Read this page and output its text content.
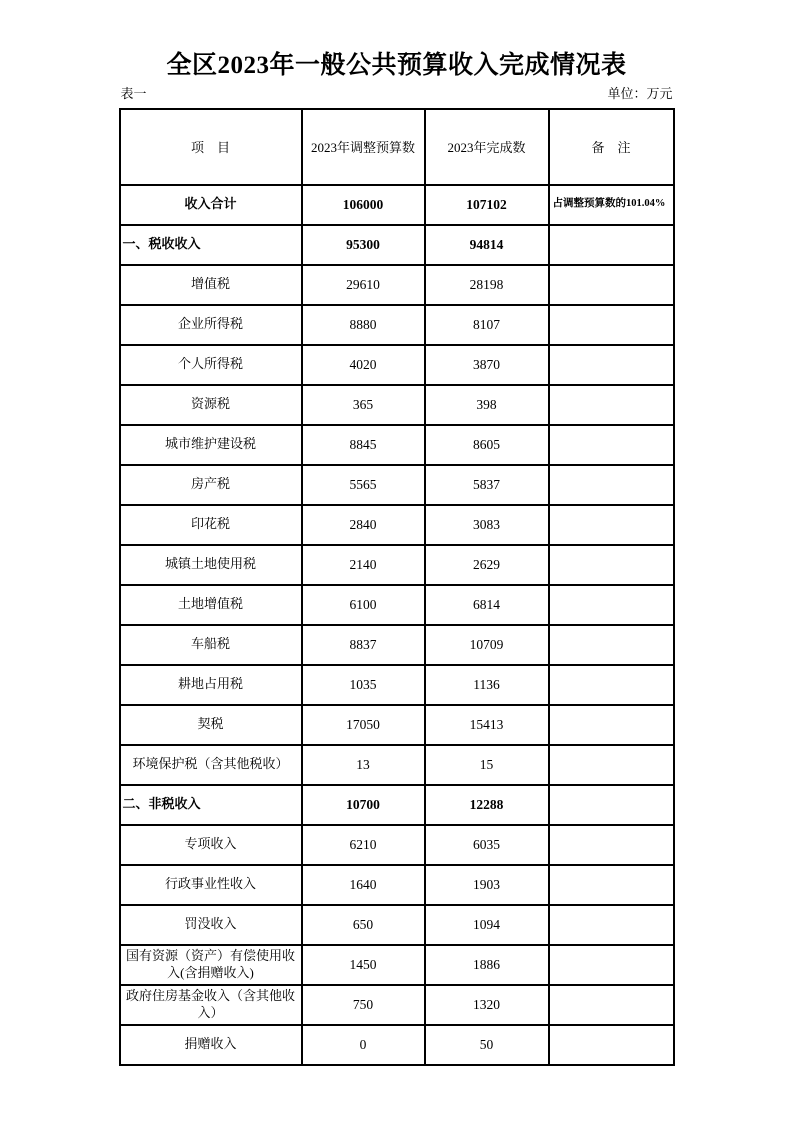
全区2023年一般公共预算收入完成情况表
表一	单位：万元
项　目	2023年调整预算数	2023年完成数	备　注
收入合计	106000	107102	占调整预算数的101.04%
一、税收收入	95300	94814	
增值税	29610	28198	
企业所得税	8880	8107	
个人所得税	4020	3870	
资源税	365	398	
城市维护建设税	8845	8605	
房产税	5565	5837	
印花税	2840	3083	
城镇土地使用税	2140	2629	
土地增值税	6100	6814	
车船税	8837	10709	
耕地占用税	1035	1136	
契税	17050	15413	
环境保护税（含其他税收）	13	15	
二、非税收入	10700	12288	
专项收入	6210	6035	
行政事业性收入	1640	1903	
罚没收入	650	1094	
国有资源（资产）有偿使用收入(含捐赠收入)	1450	1886	
政府住房基金收入（含其他收入）	750	1320	
捐赠收入	0	50	
